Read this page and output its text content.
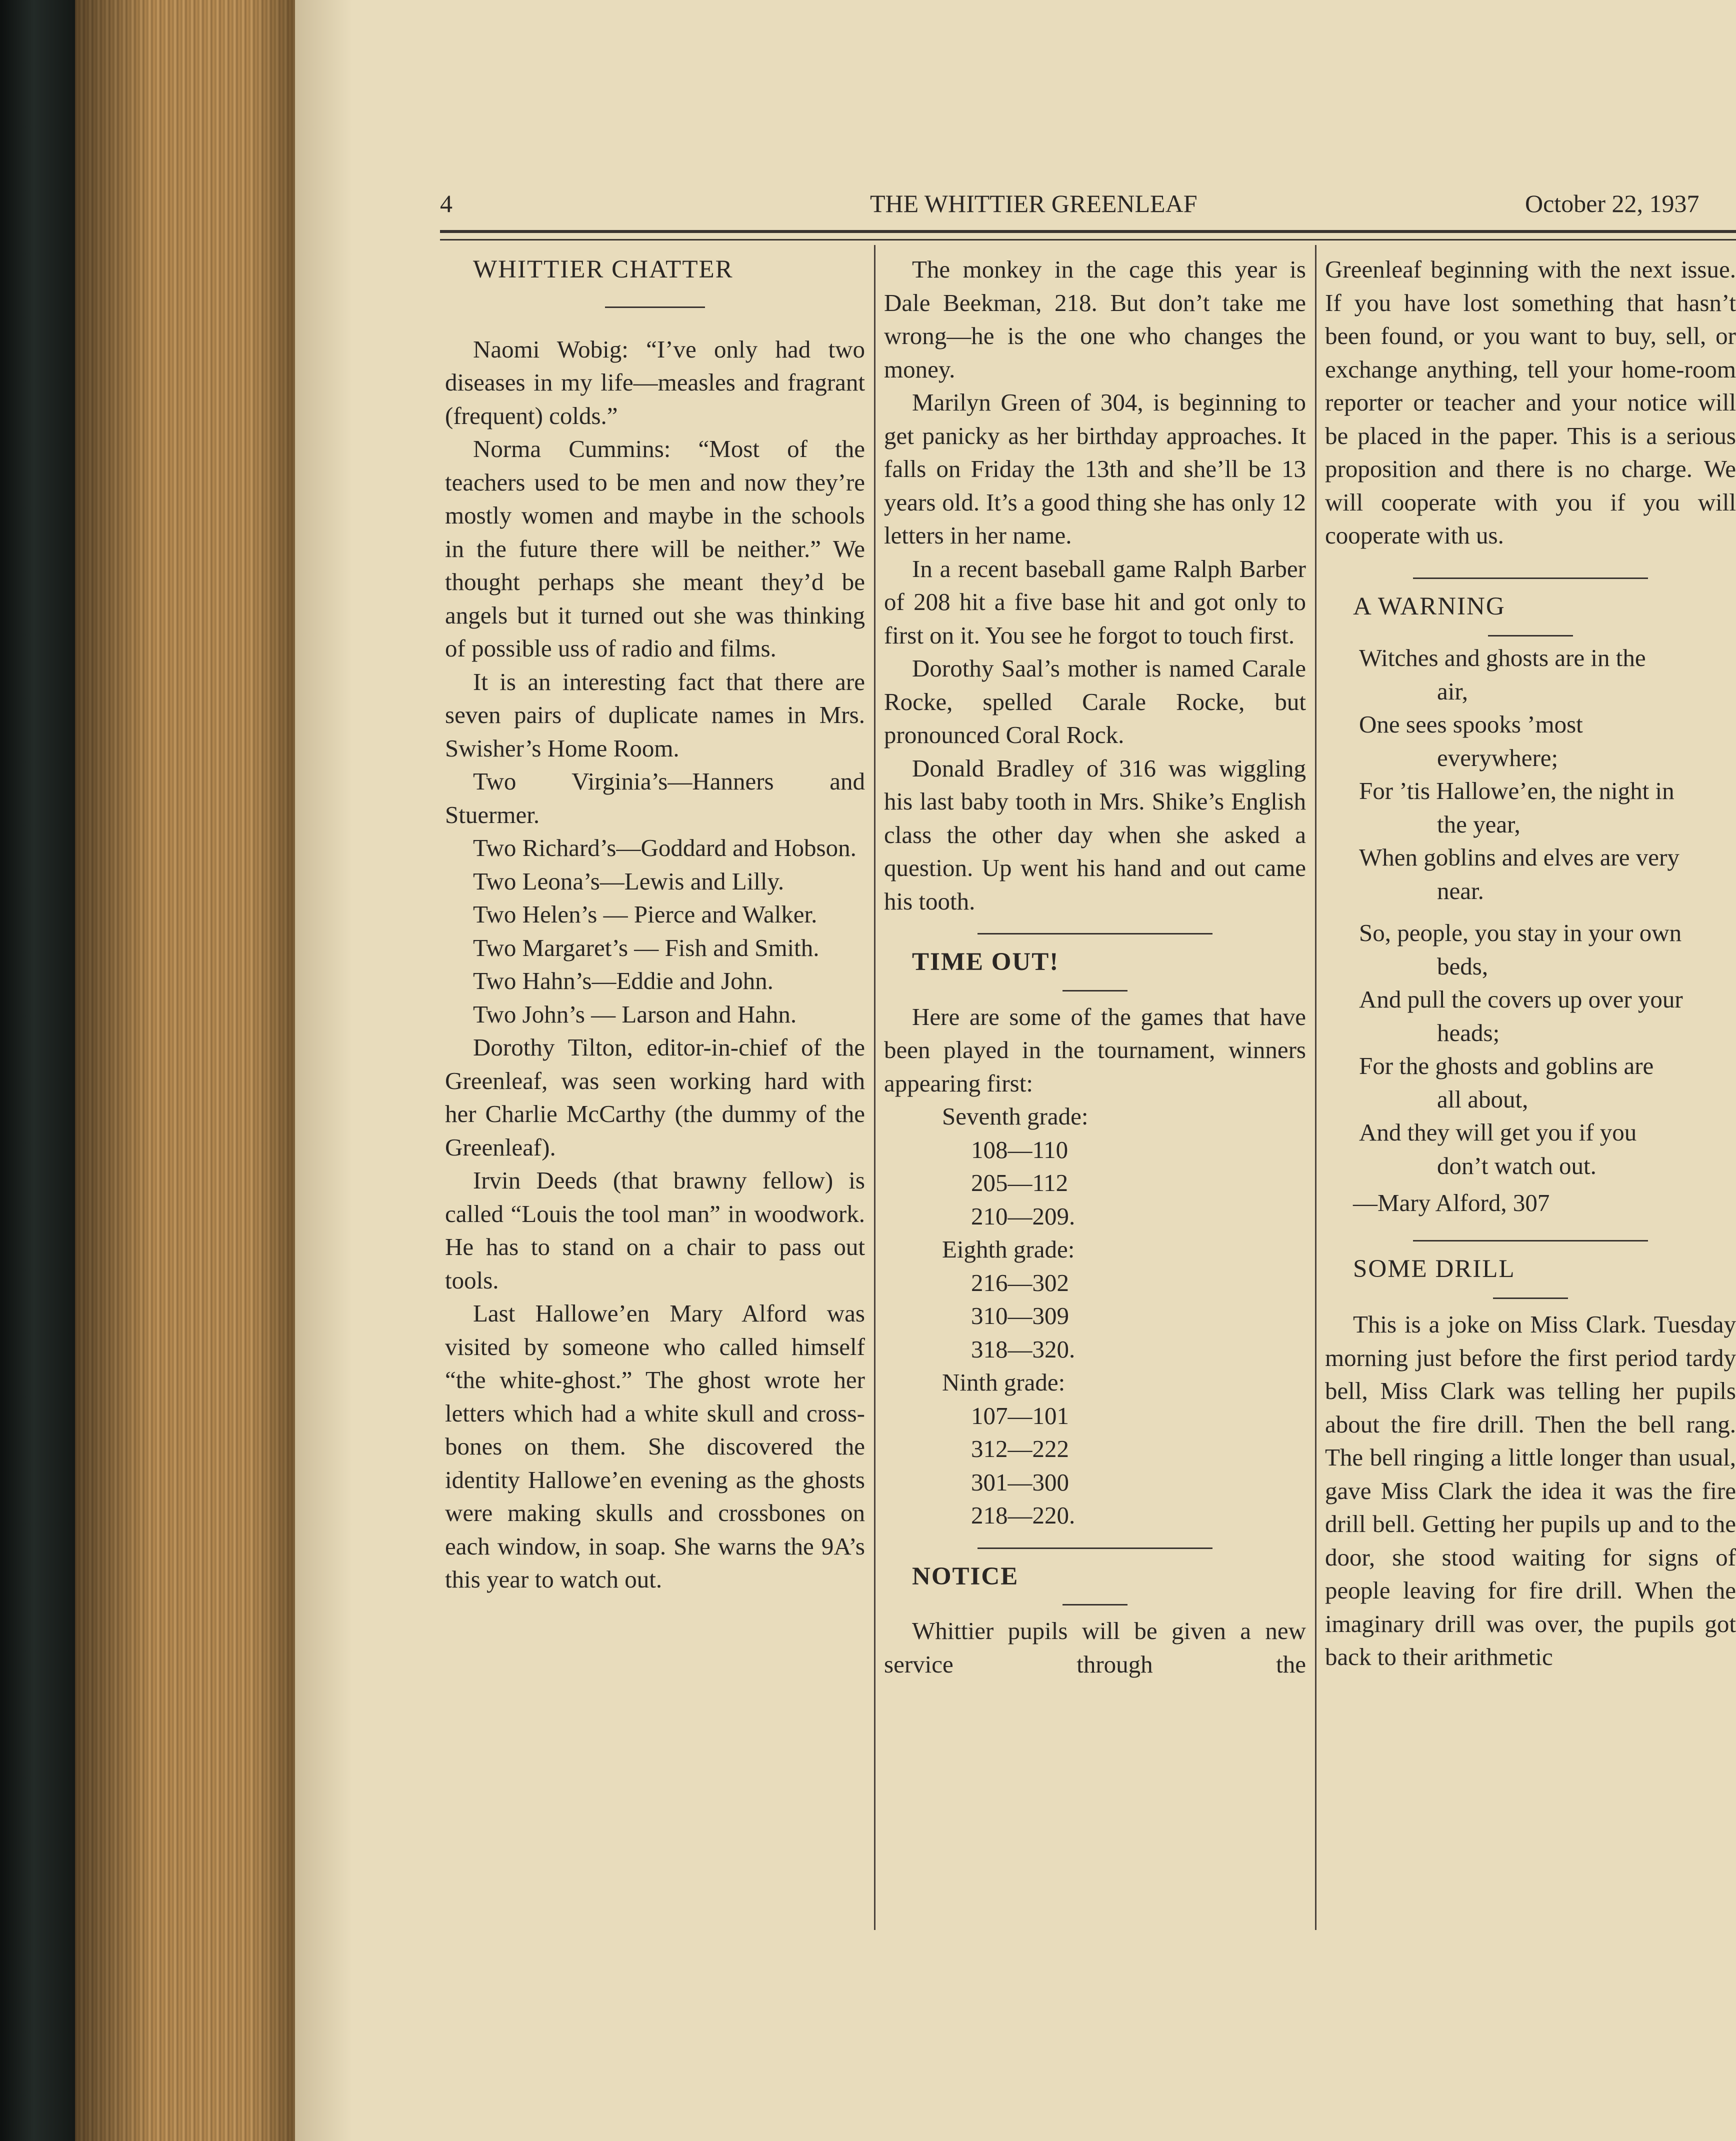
4	THE WHITTIER GREENLEAF	October 22, 1937

WHITTIER CHATTER

Naomi Wobig: “I’ve only had two diseases in my life—measles and fragrant (frequent) colds.”

Norma Cummins: “Most of the teachers used to be men and now they’re mostly women and maybe in the schools in the future there will be neither.” We thought perhaps she meant they’d be angels but it turned out she was thinking of possible uss of radio and films.

It is an interesting fact that there are seven pairs of duplicate names in Mrs. Swisher’s Home Room.

Two Virginia’s—Hanners and Stuermer.

Two Richard’s—Goddard and Hobson.

Two Leona’s—Lewis and Lilly.

Two Helen’s — Pierce and Walker.

Two Margaret’s — Fish and Smith.

Two Hahn’s—Eddie and John.

Two John’s — Larson and Hahn.

Dorothy Tilton, editor-in-chief of the Greenleaf, was seen working hard with her Charlie McCarthy (the dummy of the Greenleaf).

Irvin Deeds (that brawny fellow) is called “Louis the tool man” in woodwork. He has to stand on a chair to pass out tools.

Last Hallowe’en Mary Alford was visited by someone who called himself “the white-ghost.” The ghost wrote her letters which had a white skull and cross-bones on them. She discovered the identity Hallowe’en evening as the ghosts were making skulls and crossbones on each window, in soap. She warns the 9A’s this year to watch out.

The monkey in the cage this year is Dale Beekman, 218. But don’t take me wrong—he is the one who changes the money.

Marilyn Green of 304, is beginning to get panicky as her birthday approaches. It falls on Friday the 13th and she’ll be 13 years old. It’s a good thing she has only 12 letters in her name.

In a recent baseball game Ralph Barber of 208 hit a five base hit and got only to first on it. You see he forgot to touch first.

Dorothy Saal’s mother is named Carale Rocke, spelled Carale Rocke, but pronounced Coral Rock.

Donald Bradley of 316 was wiggling his last baby tooth in Mrs. Shike’s English class the other day when she asked a question. Up went his hand and out came his tooth.

TIME OUT!

Here are some of the games that have been played in the tournament, winners appearing first:

Seventh grade:

108—110

205—112

210—209.

Eighth grade:

216—302

310—309

318—320.

Ninth grade:

107—101

312—222

301—300

218—220.

NOTICE

Whittier pupils will be given a new service through the

Greenleaf beginning with the next issue. If you have lost something that hasn’t been found, or you want to buy, sell, or exchange anything, tell your home-room reporter or teacher and your notice will be placed in the paper. This is a serious proposition and there is no charge. We will cooperate with you if you will cooperate with us.

A WARNING

Witches and ghosts are in the

air,

One sees spooks ’most

everywhere;

For ’tis Hallowe’en, the night in

the year,

When goblins and elves are very

near.

So, people, you stay in your own

beds,

And pull the covers up over your

heads;

For the ghosts and goblins are

all about,

And they will get you if you

don’t watch out.

—Mary Alford, 307

SOME DRILL

This is a joke on Miss Clark. Tuesday morning just before the first period tardy bell, Miss Clark was telling her pupils about the fire drill. Then the bell rang. The bell ringing a little longer than usual, gave Miss Clark the idea it was the fire drill bell. Getting her pupils up and to the door, she stood waiting for signs of people leaving for fire drill. When the imaginary drill was over, the pupils got back to their arithmetic
